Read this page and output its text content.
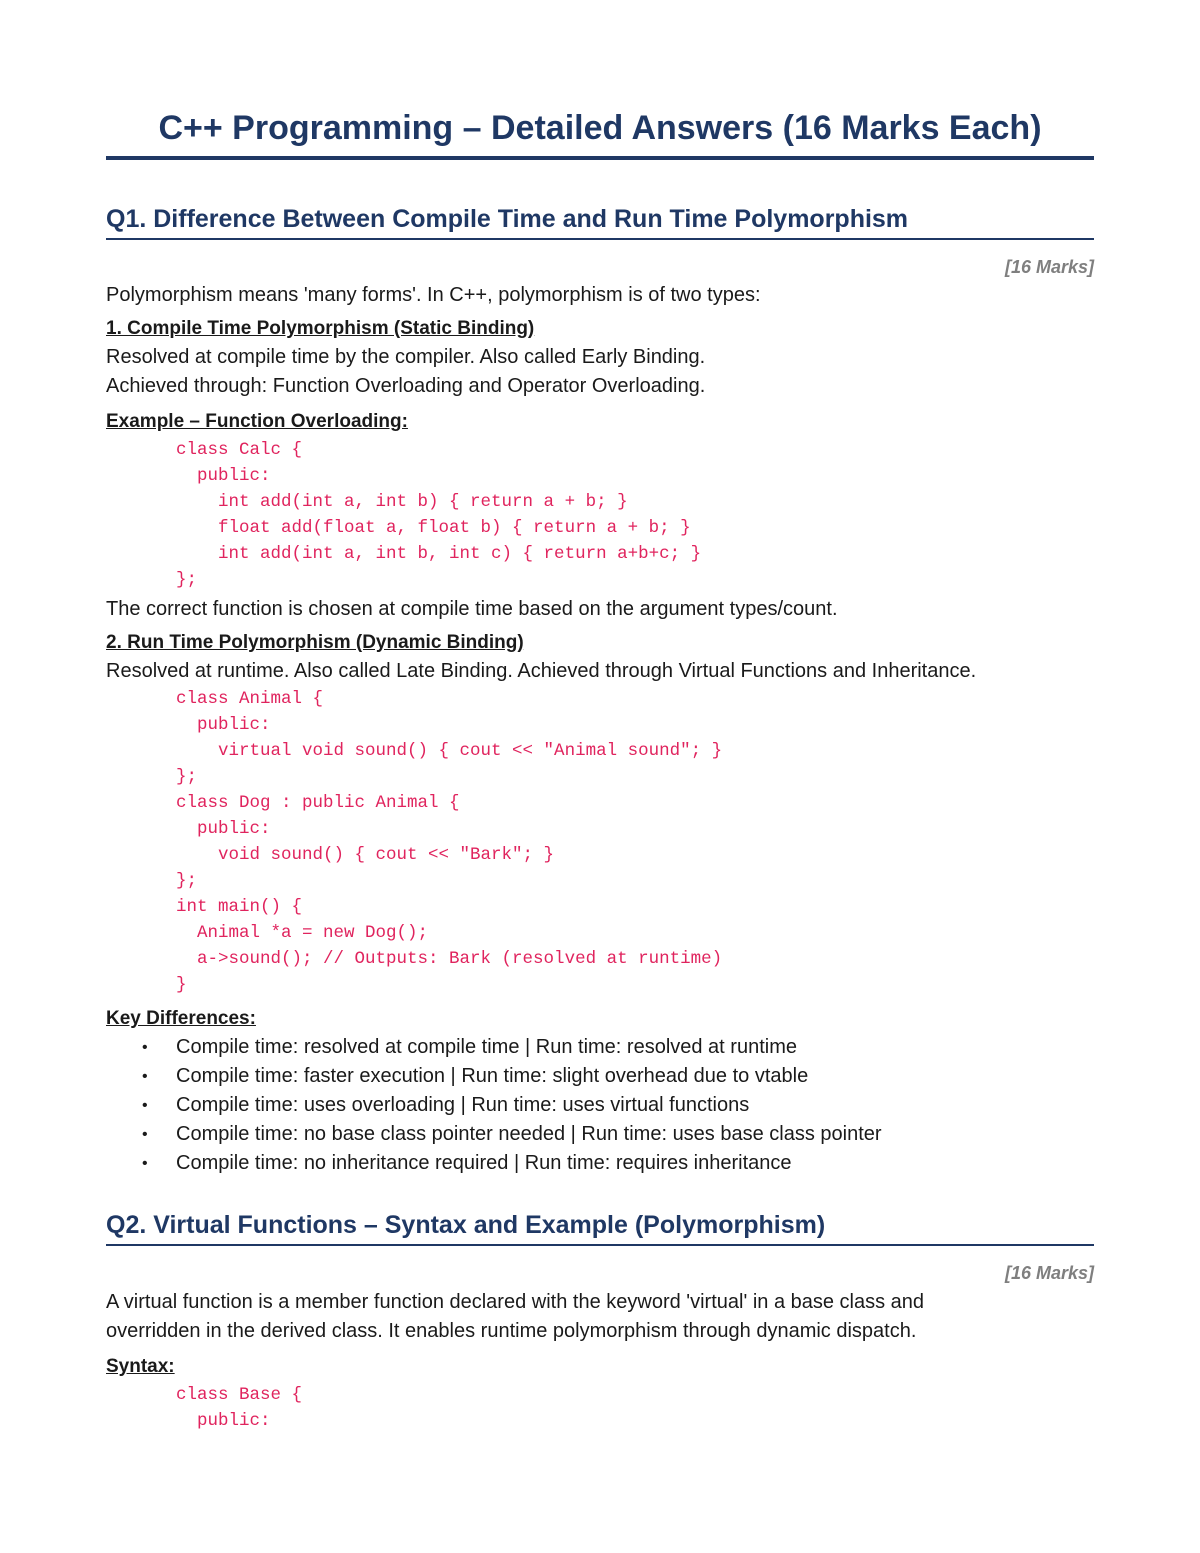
C++ Programming – Detailed Answers (16 Marks Each)
Q1. Difference Between Compile Time and Run Time Polymorphism
[16 Marks]

Polymorphism means 'many forms'. In C++, polymorphism is of two types:

1. Compile Time Polymorphism (Static Binding)

Resolved at compile time by the compiler. Also called Early Binding.

Achieved through: Function Overloading and Operator Overloading.

Example – Function Overloading:

class Calc {
public:
int add(int a, int b) { return a + b; }
float add(float a, float b) { return a + b; }
int add(int a, int b, int c) { return a+b+c; }
};

The correct function is chosen at compile time based on the argument types/count.

2. Run Time Polymorphism (Dynamic Binding)

Resolved at runtime. Also called Late Binding. Achieved through Virtual Functions and Inheritance.

class Animal {
public:
virtual void sound() { cout << "Animal sound"; }
};
class Dog : public Animal {
public:
void sound() { cout << "Bark"; }
};
int main() {
Animal *a = new Dog();
a->sound(); // Outputs: Bark (resolved at runtime)
}

Key Differences:

• Compile time: resolved at compile time | Run time: resolved at runtime
• Compile time: faster execution | Run time: slight overhead due to vtable
• Compile time: uses overloading | Run time: uses virtual functions
• Compile time: no base class pointer needed | Run time: uses base class pointer
• Compile time: no inheritance required | Run time: requires inheritance
Q2. Virtual Functions – Syntax and Example (Polymorphism)
[16 Marks]

A virtual function is a member function declared with the keyword 'virtual' in a base class and

overridden in the derived class. It enables runtime polymorphism through dynamic dispatch.

Syntax:

class Base {
public:
